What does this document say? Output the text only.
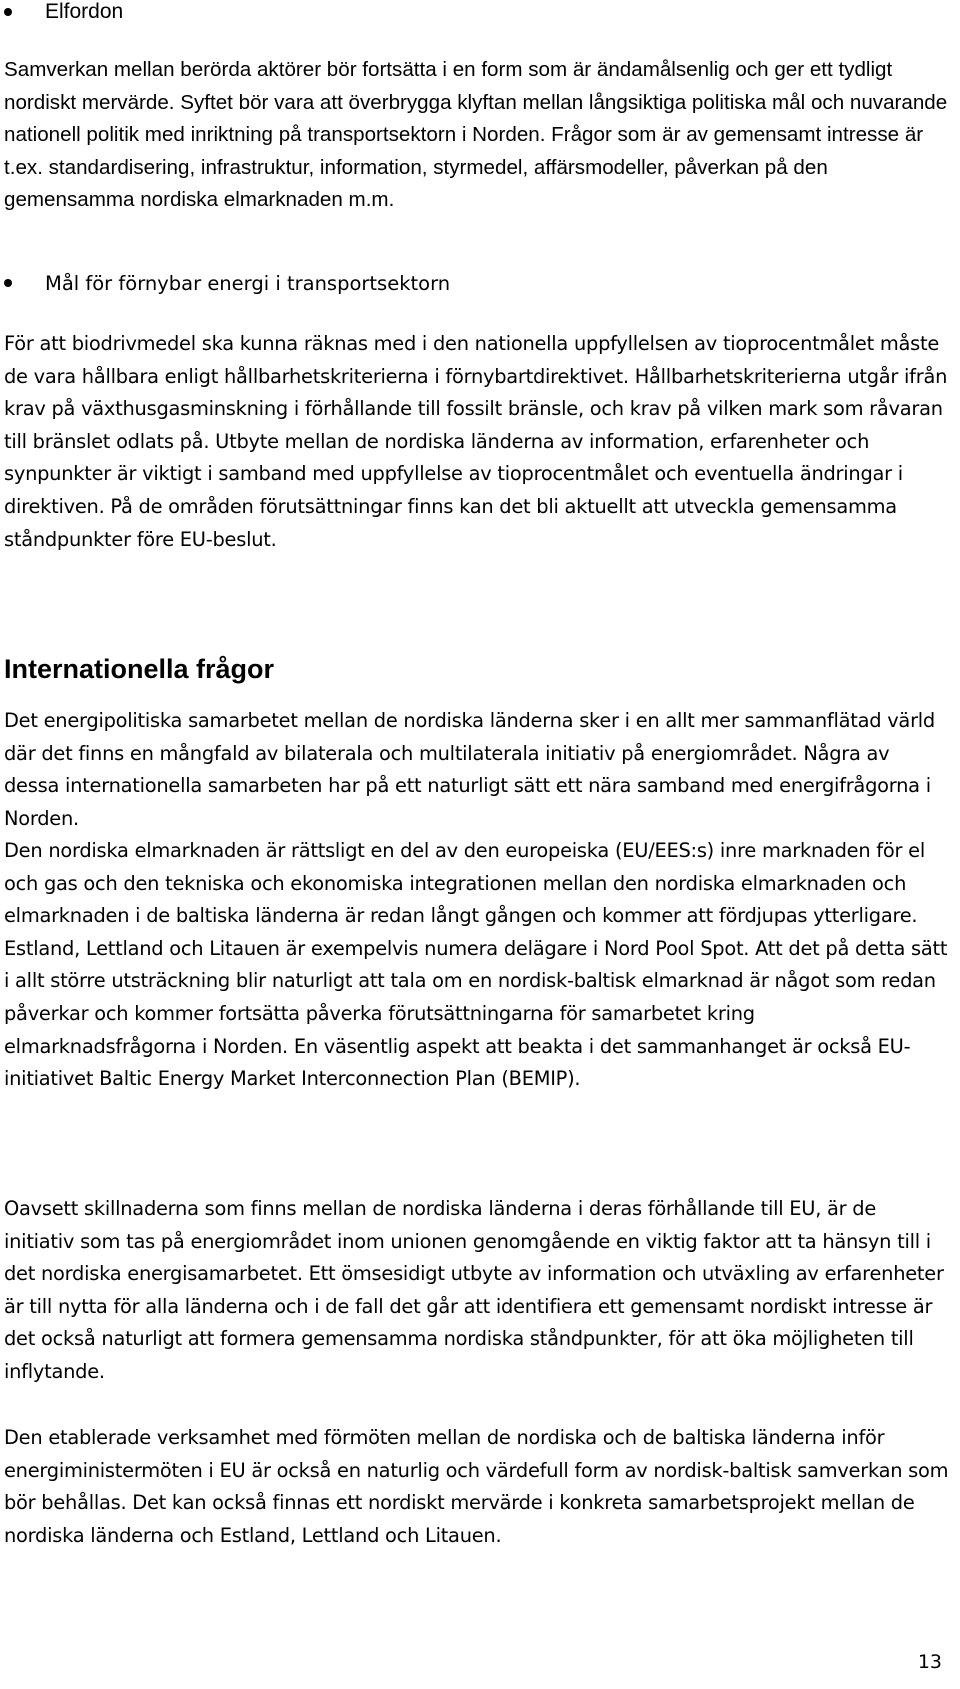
Elfordon

Samverkan mellan berörda aktörer bör fortsätta i en form som är ändamålsenlig och ger ett tydligt nordiskt mervärde. Syftet bör vara att överbrygga klyftan mellan långsiktiga politiska mål och nuvarande nationell politik med inriktning på transportsektorn i Norden. Frågor som är av gemensamt intresse är t.ex. standardisering, infrastruktur, information, styrmedel, affärsmodeller, påverkan på den gemensamma nordiska elmarknaden m.m.

Mål för förnybar energi i transportsektorn

För att biodrivmedel ska kunna räknas med i den nationella uppfyllelsen av tioprocentmålet måste de vara hållbara enligt hållbarhetskriterierna i förnybartdirektivet. Hållbarhetskriterierna utgår ifrån krav på växthusgasminskning i förhållande till fossilt bränsle, och krav på vilken mark som råvaran till bränslet odlats på. Utbyte mellan de nordiska länderna av information, erfarenheter och synpunkter är viktigt i samband med uppfyllelse av tioprocentmålet och eventuella ändringar i direktiven. På de områden förutsättningar finns kan det bli aktuellt att utveckla gemensamma ståndpunkter före EU-beslut.

Internationella frågor

Det energipolitiska samarbetet mellan de nordiska länderna sker i en allt mer sammanflätad värld där det finns en mångfald av bilaterala och multilaterala initiativ på energiområdet. Några av dessa internationella samarbeten har på ett naturligt sätt ett nära samband med energifrågorna i Norden.

Den nordiska elmarknaden är rättsligt en del av den europeiska (EU/EES:s) inre marknaden för el och gas och den tekniska och ekonomiska integrationen mellan den nordiska elmarknaden och elmarknaden i de baltiska länderna är redan långt gången och kommer att fördjupas ytterligare. Estland, Lettland och Litauen är exempelvis numera delägare i Nord Pool Spot. Att det på detta sätt i allt större utsträckning blir naturligt att tala om en nordisk-baltisk elmarknad är något som redan påverkar och kommer fortsätta påverka förutsättningarna för samarbetet kring elmarknadsfrågorna i Norden. En väsentlig aspekt att beakta i det sammanhanget är också EU-initiativet Baltic Energy Market Interconnection Plan (BEMIP).

Oavsett skillnaderna som finns mellan de nordiska länderna i deras förhållande till EU, är de initiativ som tas på energiområdet inom unionen genomgående en viktig faktor att ta hänsyn till i det nordiska energisamarbetet. Ett ömsesidigt utbyte av information och utväxling av erfarenheter är till nytta för alla länderna och i de fall det går att identifiera ett gemensamt nordiskt intresse är det också naturligt att formera gemensamma nordiska ståndpunkter, för att öka möjligheten till inflytande.

Den etablerade verksamhet med förmöten mellan de nordiska och de baltiska länderna inför energiministermöten i EU är också en naturlig och värdefull form av nordisk-baltisk samverkan som bör behållas. Det kan också finnas ett nordiskt mervärde i konkreta samarbetsprojekt mellan de nordiska länderna och Estland, Lettland och Litauen.

13
